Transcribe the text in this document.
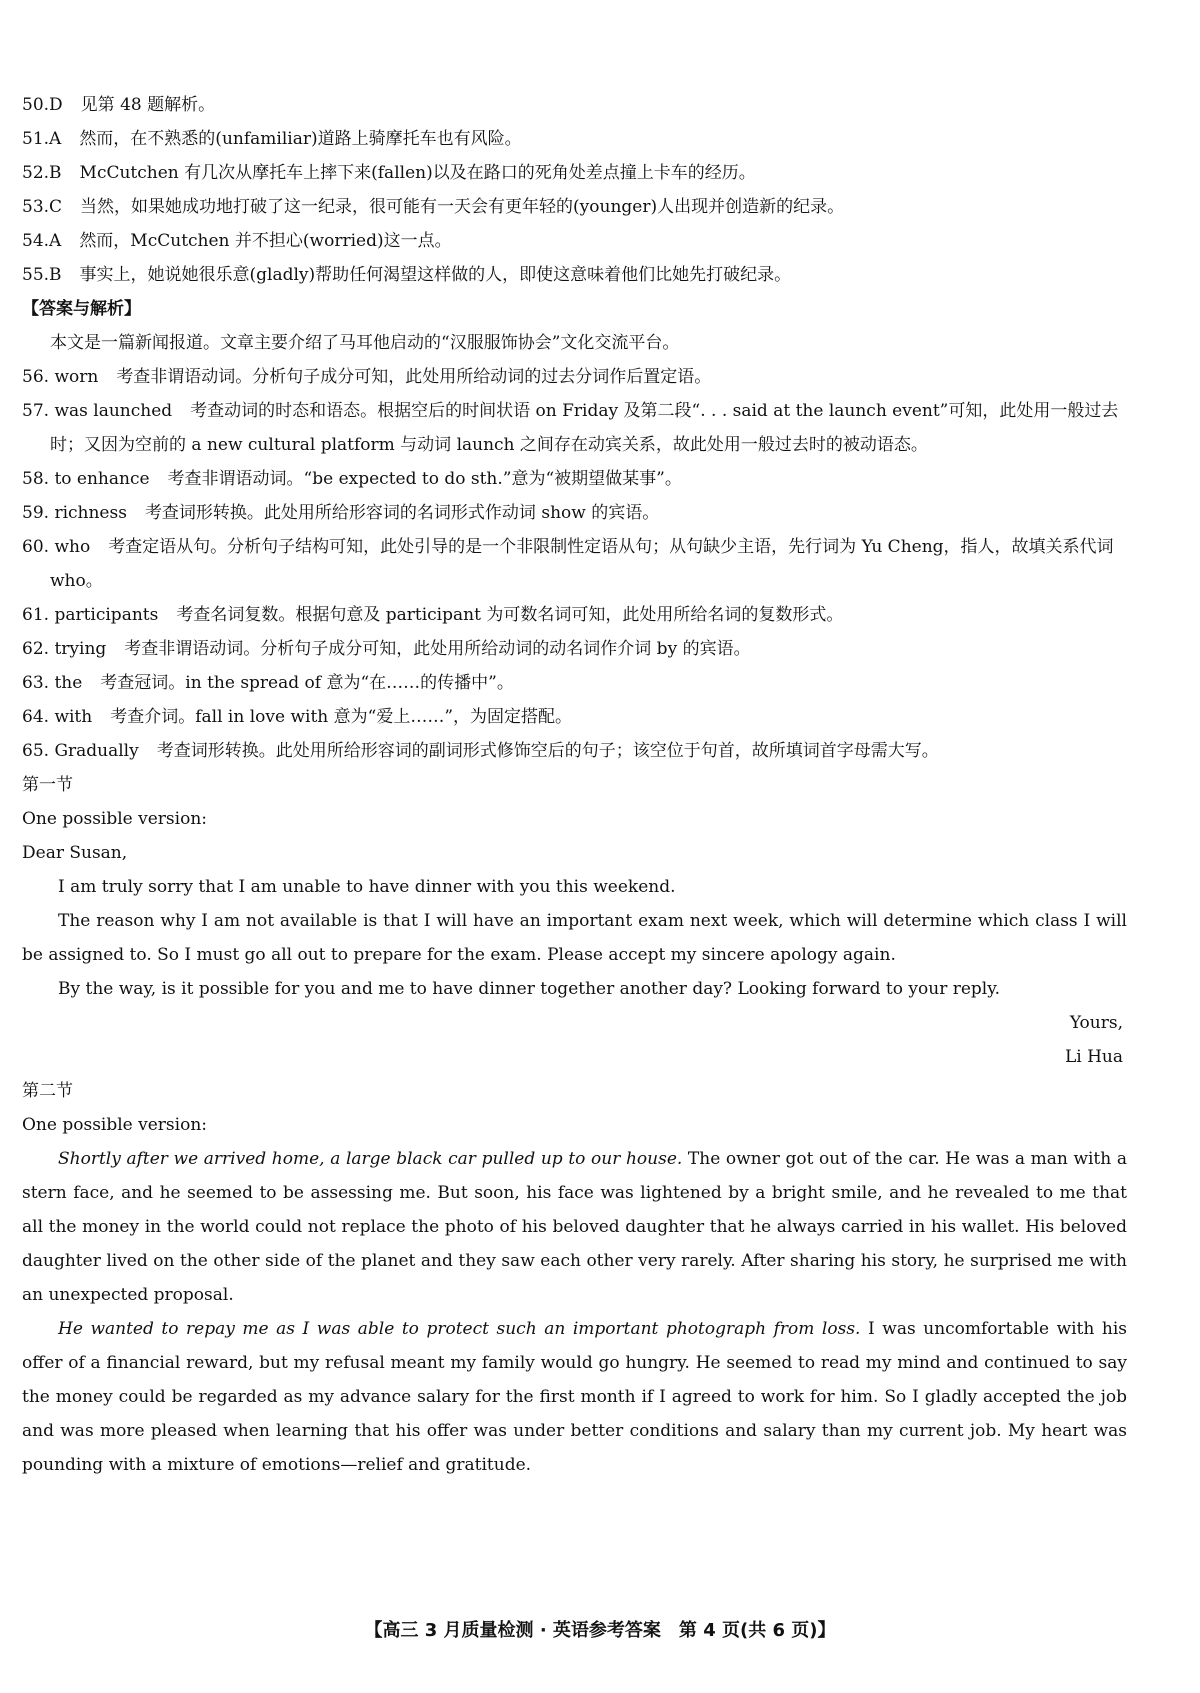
50.D 见第 48 题解析。

51.A 然而，在不熟悉的(unfamiliar)道路上骑摩托车也有风险。

52.B McCutchen 有几次从摩托车上摔下来(fallen)以及在路口的死角处差点撞上卡车的经历。

53.C 当然，如果她成功地打破了这一纪录，很可能有一天会有更年轻的(younger)人出现并创造新的纪录。

54.A 然而，McCutchen 并不担心(worried)这一点。

55.B 事实上，她说她很乐意(gladly)帮助任何渴望这样做的人，即使这意味着他们比她先打破纪录。

【答案与解析】

本文是一篇新闻报道。文章主要介绍了马耳他启动的“汉服服饰协会”文化交流平台。

56. worn 考查非谓语动词。分析句子成分可知，此处用所给动词的过去分词作后置定语。

57. was launched 考查动词的时态和语态。根据空后的时间状语 on Friday 及第二段“. . . said at the launch event”可知，此处用一般过去时；又因为空前的 a new cultural platform 与动词 launch 之间存在动宾关系，故此处用一般过去时的被动语态。

58. to enhance 考查非谓语动词。“be expected to do sth.”意为“被期望做某事”。

59. richness 考查词形转换。此处用所给形容词的名词形式作动词 show 的宾语。

60. who 考查定语从句。分析句子结构可知，此处引导的是一个非限制性定语从句；从句缺少主语，先行词为 Yu Cheng，指人，故填关系代词 who。

61. participants 考查名词复数。根据句意及 participant 为可数名词可知，此处用所给名词的复数形式。

62. trying 考查非谓语动词。分析句子成分可知，此处用所给动词的动名词作介词 by 的宾语。

63. the 考查冠词。in the spread of 意为“在……的传播中”。

64. with 考查介词。fall in love with 意为“爱上……”，为固定搭配。

65. Gradually 考查词形转换。此处用所给形容词的副词形式修饰空后的句子；该空位于句首，故所填词首字母需大写。

第一节

One possible version:

Dear Susan,

I am truly sorry that I am unable to have dinner with you this weekend.

The reason why I am not available is that I will have an important exam next week, which will determine which class I will be assigned to. So I must go all out to prepare for the exam. Please accept my sincere apology again.

By the way, is it possible for you and me to have dinner together another day? Looking forward to your reply.

Yours,

Li Hua

第二节

One possible version:

Shortly after we arrived home, a large black car pulled up to our house. The owner got out of the car. He was a man with a stern face, and he seemed to be assessing me. But soon, his face was lightened by a bright smile, and he revealed to me that all the money in the world could not replace the photo of his beloved daughter that he always carried in his wallet. His beloved daughter lived on the other side of the planet and they saw each other very rarely. After sharing his story, he surprised me with an unexpected proposal.

He wanted to repay me as I was able to protect such an important photograph from loss. I was uncomfortable with his offer of a financial reward, but my refusal meant my family would go hungry. He seemed to read my mind and continued to say the money could be regarded as my advance salary for the first month if I agreed to work for him. So I gladly accepted the job and was more pleased when learning that his offer was under better conditions and salary than my current job. My heart was pounding with a mixture of emotions—relief and gratitude.

【高三 3 月质量检测 · 英语参考答案　第 4 页(共 6 页)】
